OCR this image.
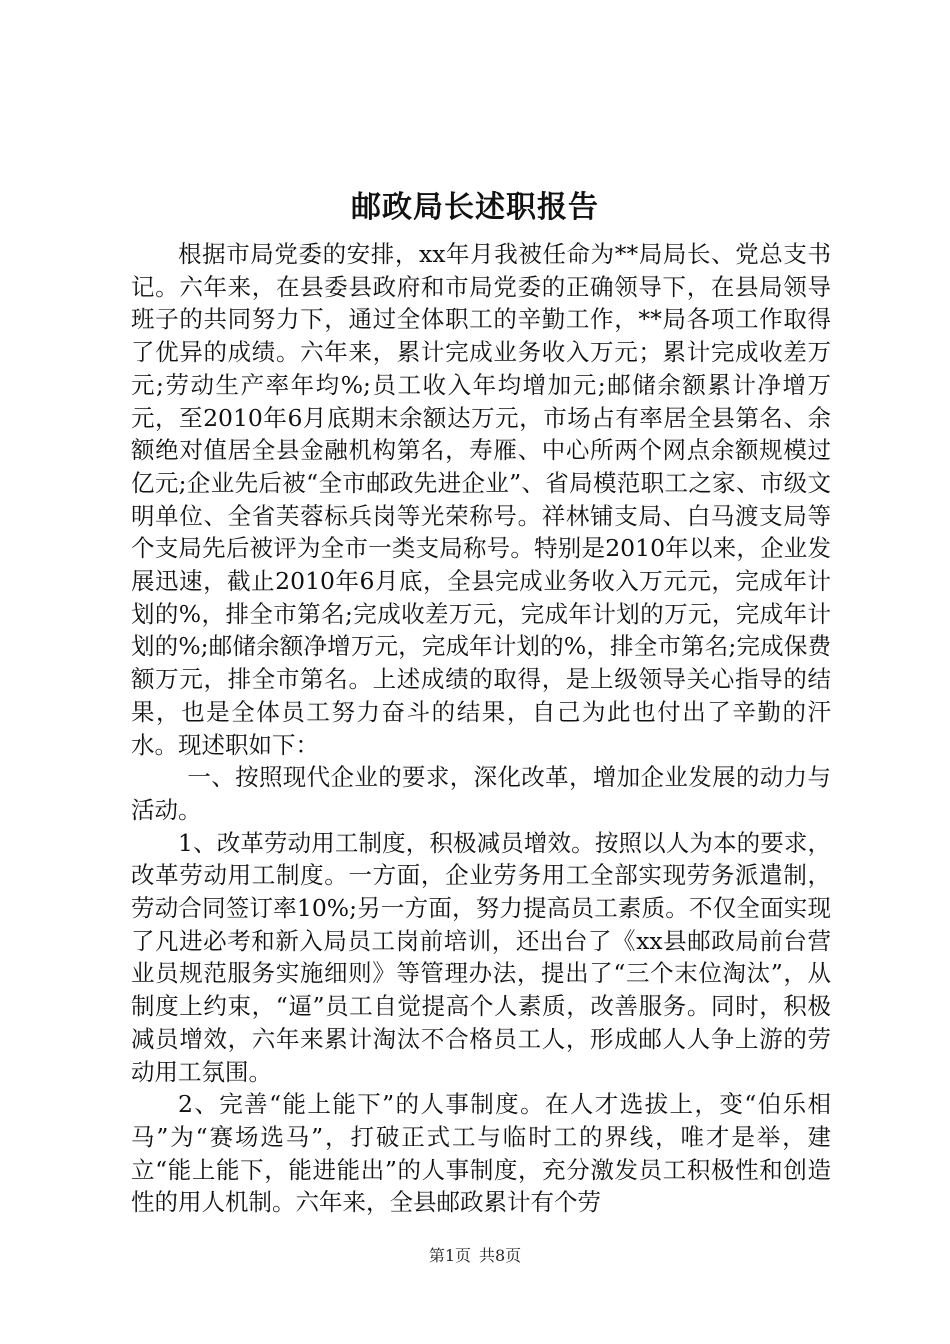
邮政局长述职报告

根据市局党委的安排，xx年月我被任命为**局局长、党总支书记。六年来，在县委县政府和市局党委的正确领导下，在县局领导班子的共同努力下，通过全体职工的辛勤工作，**局各项工作取得了优异的成绩。六年来，累计完成业务收入万元；累计完成收差万元;劳动生产率年均%;员工收入年均增加元;邮储余额累计净增万元，至2010年6月底期末余额达万元，市场占有率居全县第名、余额绝对值居全县金融机构第名，寿雁、中心所两个网点余额规模过亿元;企业先后被“全市邮政先进企业”、省局模范职工之家、市级文明单位、全省芙蓉标兵岗等光荣称号。祥林铺支局、白马渡支局等个支局先后被评为全市一类支局称号。特别是2010年以来，企业发展迅速，截止2010年6月底，全县完成业务收入万元元，完成年计划的%，排全市第名;完成收差万元，完成年计划的万元，完成年计划的%;邮储余额净增万元，完成年计划的%，排全市第名;完成保费额万元，排全市第名。上述成绩的取得，是上级领导关心指导的结果，也是全体员工努力奋斗的结果，自己为此也付出了辛勤的汗水。现述职如下：

一、按照现代企业的要求，深化改革，增加企业发展的动力与活动。

1、改革劳动用工制度，积极减员增效。按照以人为本的要求，改革劳动用工制度。一方面，企业劳务用工全部实现劳务派遣制，劳动合同签订率10%;另一方面，努力提高员工素质。不仅全面实现了凡进必考和新入局员工岗前培训，还出台了《xx县邮政局前台营业员规范服务实施细则》等管理办法，提出了“三个末位淘汰”，从制度上约束，“逼”员工自觉提高个人素质，改善服务。同时，积极减员增效，六年来累计淘汰不合格员工人，形成邮人人争上游的劳动用工氛围。

2、完善“能上能下”的人事制度。在人才选拔上，变“伯乐相马”为“赛场选马”，打破正式工与临时工的界线，唯才是举，建立“能上能下，能进能出”的人事制度，充分激发员工积极性和创造性的用人机制。六年来，全县邮政累计有个劳

第1页 共8页
